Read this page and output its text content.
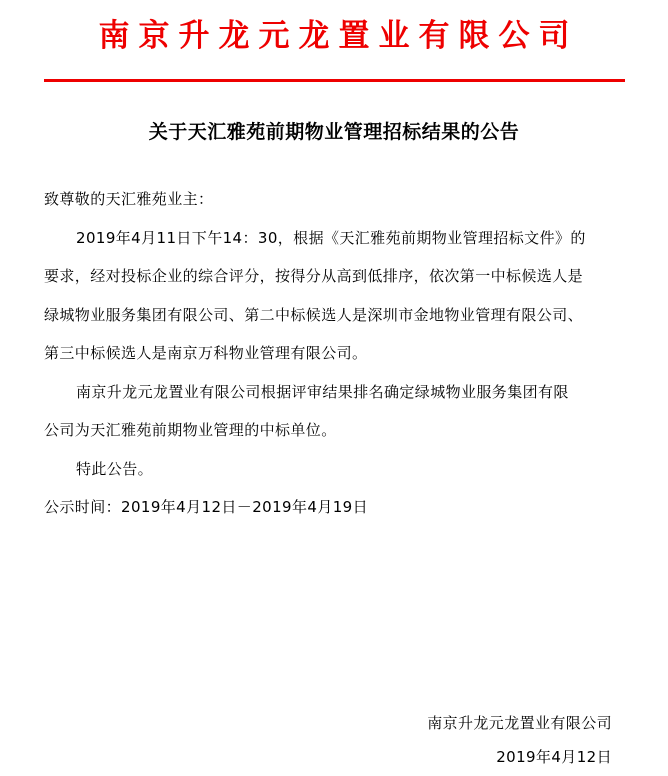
南京升龙元龙置业有限公司
关于天汇雅苑前期物业管理招标结果的公告
致尊敬的天汇雅苑业主：
2019年4月11日下午14：30，根据《天汇雅苑前期物业管理招标文件》的
要求，经对投标企业的综合评分，按得分从高到低排序，依次第一中标候选人是
绿城物业服务集团有限公司、第二中标候选人是深圳市金地物业管理有限公司、
第三中标候选人是南京万科物业管理有限公司。
南京升龙元龙置业有限公司根据评审结果排名确定绿城物业服务集团有限
公司为天汇雅苑前期物业管理的中标单位。
特此公告。
公示时间：2019年4月12日－2019年4月19日
南京升龙元龙置业有限公司
2019年4月12日
